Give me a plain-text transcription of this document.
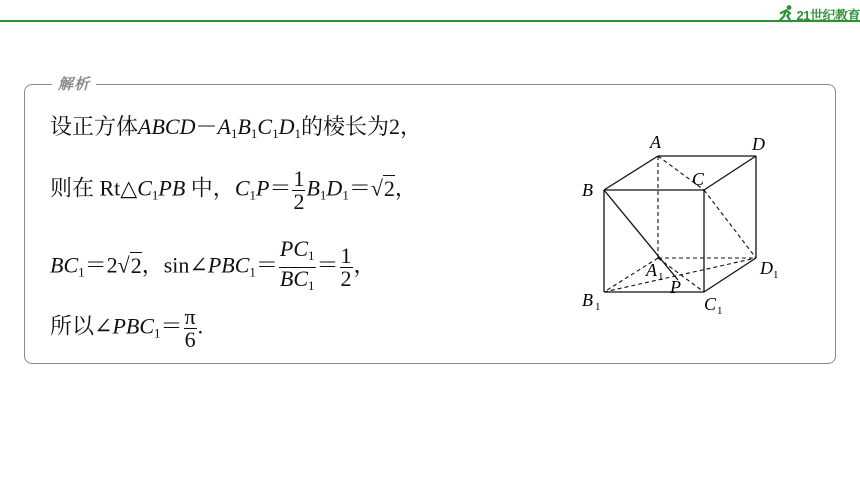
21世纪教育
解析
设正方体$ABCD-A_1B_1C_1D_1$的棱长为2，
则在 $Rt\triangle C_1PB$ 中，$C_1P= \frac{1}{2} B_1D_1=√2$，
$BC_1=2√2$，$\sin\angle PBC_1= \frac{PC_1}{BC_1} = \frac{1}{2}$ ，
所以$\angle PBC_1= \frac{\pi}{6}$ .
A	D
B
C
A 1	D 1
P
B 1	C 1
